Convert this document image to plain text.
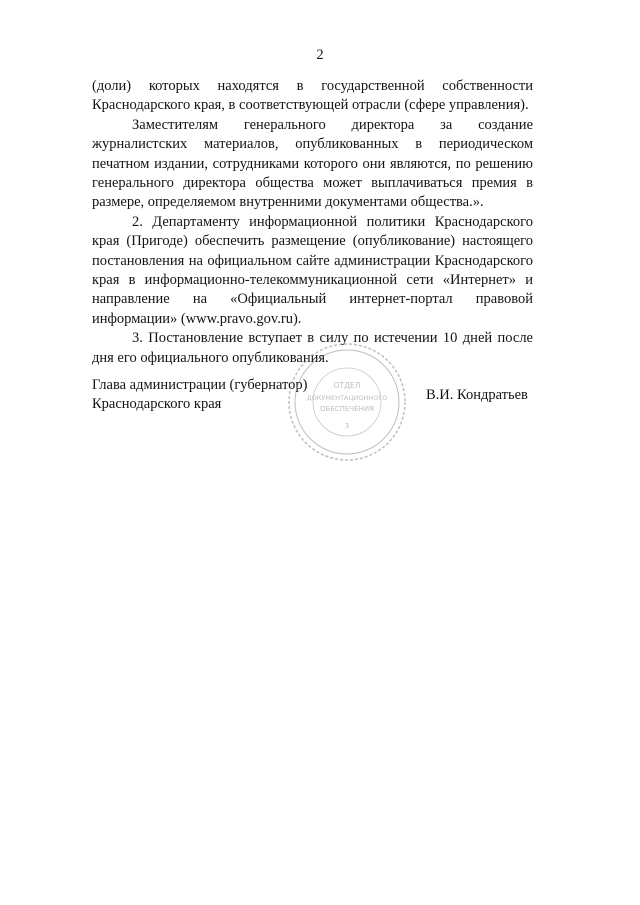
2

(доли) которых находятся в государственной собственности Краснодарского края, в соответствующей отрасли (сфере управления).

Заместителям генерального директора за создание журналистских материалов, опубликованных в периодическом печатном издании, сотрудниками которого они являются, по решению генерального директора общества может выплачиваться премия в размере, определяемом внутренними документами общества.».

2. Департаменту информационной политики Краснодарского края (Пригоде) обеспечить размещение (опубликование) настоящего постановления на официальном сайте администрации Краснодарского края в информационно-телекоммуникационной сети «Интернет» и направление на «Официальный интернет-портал правовой информации» (www.pravo.gov.ru).

3. Постановление вступает в силу по истечении 10 дней после дня его официального опубликования.

Глава администрации (губернатор)
Краснодарского края
В.И. Кондратьев
ОТДЕЛ
ДОКУМЕНТАЦИОННОГО
ОБЕСПЕЧЕНИЯ
3
